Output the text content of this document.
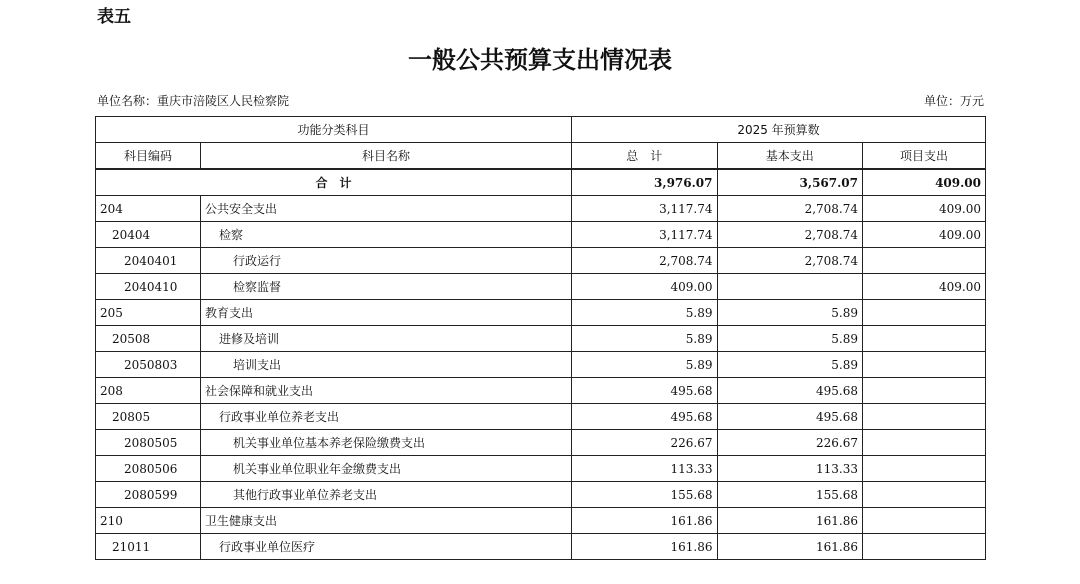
表五
一般公共预算支出情况表
单位名称：重庆市涪陵区人民检察院	单位：万元
功能分类科目		2025 年预算数		
科目编码	科目名称	总　计	基本支出	项目支出
合　计		3,976.07	3,567.07	409.00
204	公共安全支出	3,117.74	2,708.74	409.00
20404	检察	3,117.74	2,708.74	409.00
2040401	行政运行	2,708.74	2,708.74	
2040410	检察监督	409.00		409.00
205	教育支出	5.89	5.89	
20508	进修及培训	5.89	5.89	
2050803	培训支出	5.89	5.89	
208	社会保障和就业支出	495.68	495.68	
20805	行政事业单位养老支出	495.68	495.68	
2080505	机关事业单位基本养老保险缴费支出	226.67	226.67	
2080506	机关事业单位职业年金缴费支出	113.33	113.33	
2080599	其他行政事业单位养老支出	155.68	155.68	
210	卫生健康支出	161.86	161.86	
21011	行政事业单位医疗	161.86	161.86	
